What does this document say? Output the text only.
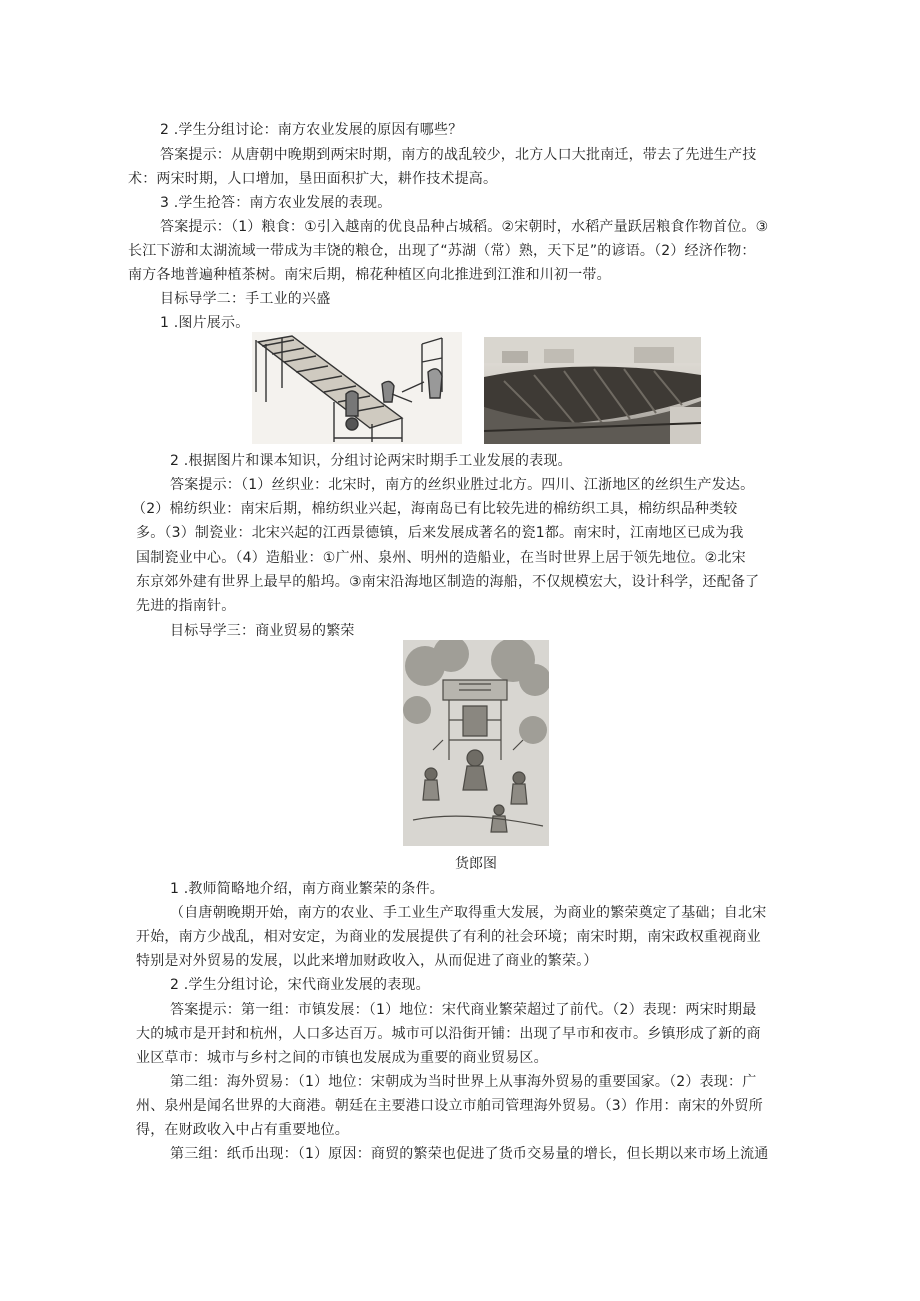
2 .学生分组讨论：南方农业发展的原因有哪些？
答案提示：从唐朝中晚期到两宋时期，南方的战乱较少，北方人口大批南迁，带去了先进生产技
术：两宋时期，人口增加，垦田面积扩大，耕作技术提高。
3 .学生抢答：南方农业发展的表现。
答案提示：（1）粮食：①引入越南的优良品种占城稻。②宋朝时，水稻产量跃居粮食作物首位。③
长江下游和太湖流域一带成为丰饶的粮仓，出现了“苏湖（常）熟，天下足”的谚语。（2）经济作物：
南方各地普遍种植茶树。南宋后期，棉花种植区向北推进到江淮和川初一带。
目标导学二：手工业的兴盛
1 .图片展示。
2 .根据图片和课本知识，分组讨论两宋时期手工业发展的表现。
答案提示：（1）丝织业：北宋时，南方的丝织业胜过北方。四川、江浙地区的丝织生产发达。
（2）棉纺织业：南宋后期，棉纺织业兴起，海南岛已有比较先进的棉纺织工具，棉纺织品种类较
多。（3）制瓷业：北宋兴起的江西景德镇，后来发展成著名的瓷1都。南宋时，江南地区已成为我
国制瓷业中心。（4）造船业：①广州、泉州、明州的造船业，在当时世界上居于领先地位。②北宋
东京郊外建有世界上最早的船坞。③南宋沿海地区制造的海船，不仅规模宏大，设计科学，还配备了
先进的指南针。
目标导学三：商业贸易的繁荣
货郎图
1 .教师简略地介绍，南方商业繁荣的条件。
（自唐朝晚期开始，南方的农业、手工业生产取得重大发展，为商业的繁荣奠定了基础；自北宋
开始，南方少战乱，相对安定，为商业的发展提供了有利的社会环境；南宋时期，南宋政权重视商业
特别是对外贸易的发展，以此来增加财政收入，从而促进了商业的繁荣。）
2 .学生分组讨论，宋代商业发展的表现。
答案提示：第一组：市镇发展：（1）地位：宋代商业繁荣超过了前代。（2）表现：两宋时期最
大的城市是开封和杭州，人口多达百万。城市可以沿街开铺：出现了早市和夜市。乡镇形成了新的商
业区草市：城市与乡村之间的市镇也发展成为重要的商业贸易区。
第二组：海外贸易：（1）地位：宋朝成为当时世界上从事海外贸易的重要国家。（2）表现：广
州、泉州是闻名世界的大商港。朝廷在主要港口设立市舶司管理海外贸易。（3）作用：南宋的外贸所
得，在财政收入中占有重要地位。
第三组：纸币出现：（1）原因：商贸的繁荣也促进了货币交易量的增长，但长期以来市场上流通
